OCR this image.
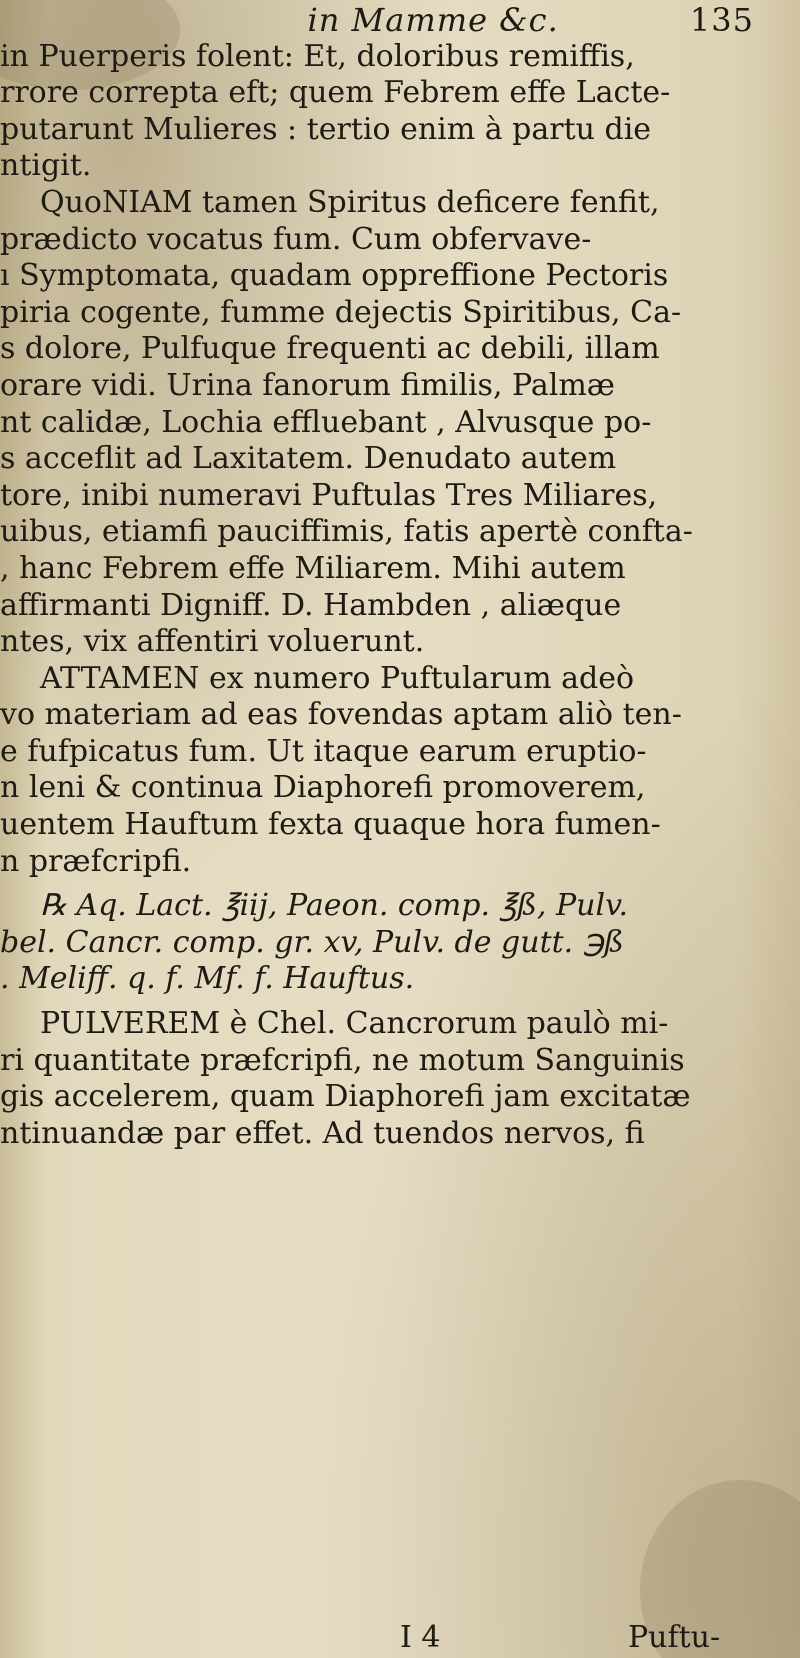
in Mamme &c.	135
in Puerperis folent: Et, doloribus remiffis,
rrore correpta eft; quem Febrem effe Lacte-
putarunt Mulieres : tertio enim à partu die
ntigit.
QuoNIAM tamen Spiritus deficere fenfit,
prædicto vocatus fum. Cum obfervave-
ı Symptomata, quadam oppreffione Pectoris
piria cogente, fumme dejectis Spiritibus, Ca-
s dolore, Pulfuque frequenti ac debili, illam
orare vidi. Urina fanorum fimilis, Palmæ
nt calidæ, Lochia effluebant , Alvusque po-
s acceflit ad Laxitatem. Denudato autem
tore, inibi numeravi Puftulas Tres Miliares,
uibus, etiamfi pauciffimis, fatis apertè confta-
, hanc Febrem effe Miliarem. Mihi autem
affirmanti Digniff. D. Hambden , aliæque
ntes, vix affentiri voluerunt.
ATTAMEN ex numero Puftularum adeò
vo materiam ad eas fovendas aptam aliò ten-
e fufpicatus fum. Ut itaque earum eruptio-
n leni & continua Diaphorefi promoverem,
uentem Hauftum fexta quaque hora fumen-
n præfcripfi.
℞ Aq. Lact. ℥iij, Paeon. comp. ℥ß, Pulv.
bel. Cancr. comp. gr. xv, Pulv. de gutt. ℈ß
. Meliff. q. f. Mf. f. Hauftus.
PULVEREM è Chel. Cancrorum paulò mi-
ri quantitate præfcripfi, ne motum Sanguinis
gis accelerem, quam Diaphorefi jam excitatæ
ntinuandæ par effet. Ad tuendos nervos, fi
I 4	Puftu-
